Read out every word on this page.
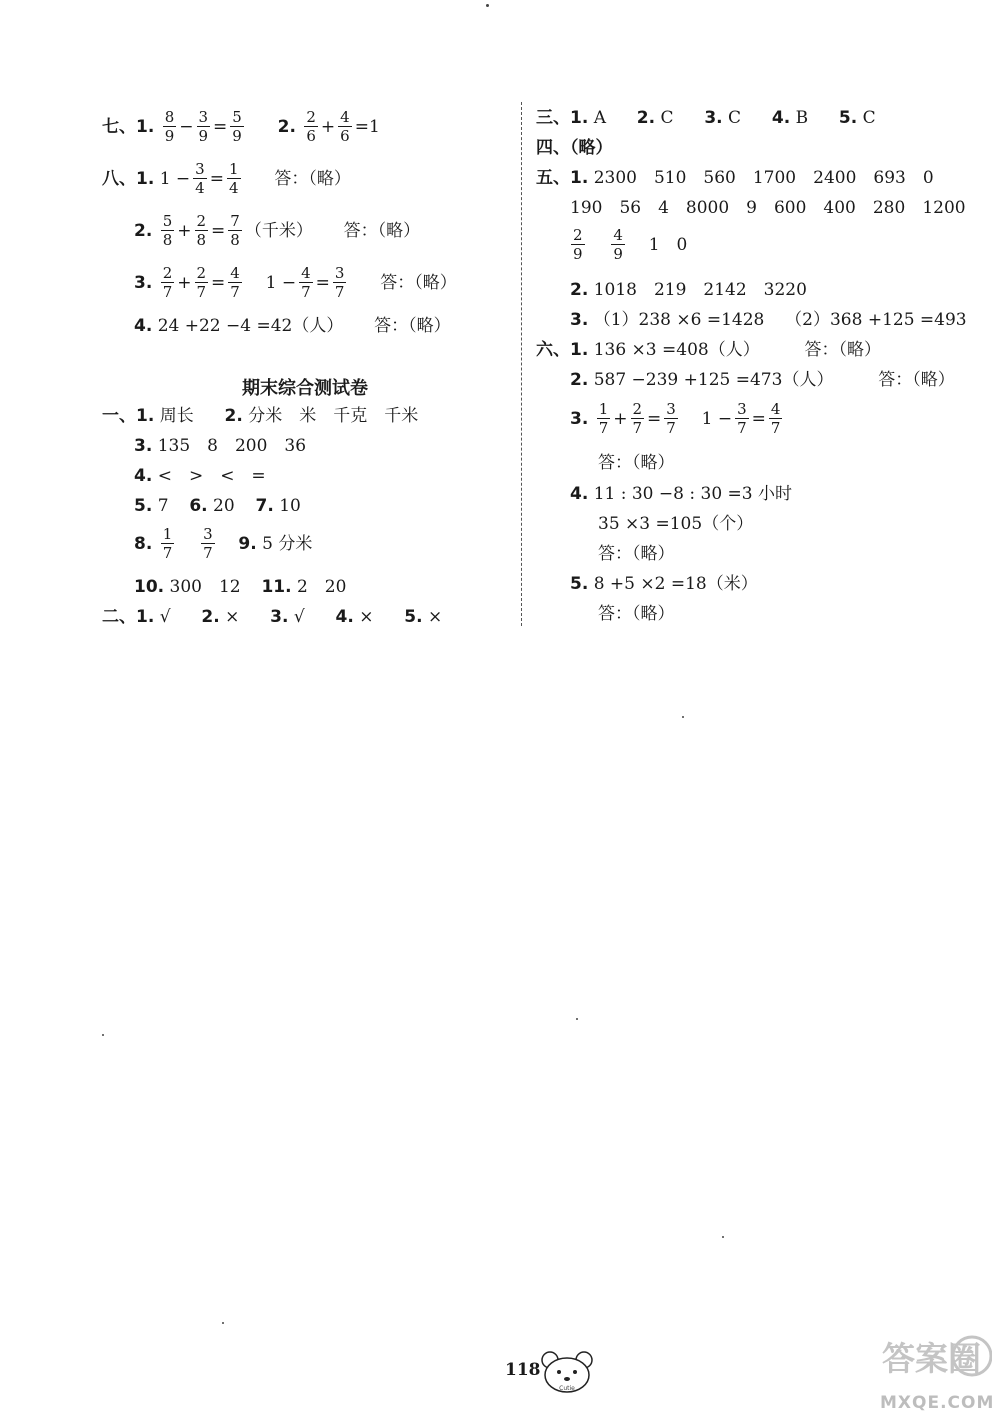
七、1. $\frac{8}{9} - \frac{3}{9} = \frac{5}{9} 2$. $\frac{2}{6} + \frac{4}{6} =1$
八、1. $1 - \frac{3}{4} = \frac{1}{4}$ 答：（略）
2. $\frac{5}{8} + \frac{2}{8} = \frac{7}{8}$ （千米） 答：（略）
3. $\frac{2}{7} + \frac{2}{7} = \frac{4}{7} 1 - \frac{4}{7} = \frac{3}{7}$ 答：（略）
4. 24 +22 −4 =42（人） 答：（略）
期末综合测试卷
一、1. 周长 2. 分米　米　千克　千米
3. 135　8　200　36
4. <　>　<　=
5. 7 6. 20 7. 10
8. $\frac{1}{7}$
$\frac{3}{7} 9$. 5 分米
10. 300　12 11. 2　20
二、1. √ 2. × 3. √ 4. × 5. ×
三、1. A 2. C 3. C 4. B 5. C
四、（略）
五、1. 2300　510　560　1700　2400　693　0
190　56　4　8000　9　600　400　280　1200
$\frac{2}{9}$
$\frac{4}{9} 1$　0
2. 1018　219　2142　3220
3. （1）238 ×6 =1428 （2）368 +125 =493
六、1. 136 ×3 =408（人）	答：（略）
2. 587 −239 +125 =473（人）	答：（略）
3. $\frac{1}{7} + \frac{2}{7} = \frac{3}{7} 1 - \frac{3}{7} = \frac{4}{7}$
答：（略）
4. 11 : 30 −8 : 30 =3 小时
35 ×3 =105（个）
答：（略）
5. 8 +5 ×2 =18（米）
答：（略）
118
Cutie
答案圈
MXQE.COM
